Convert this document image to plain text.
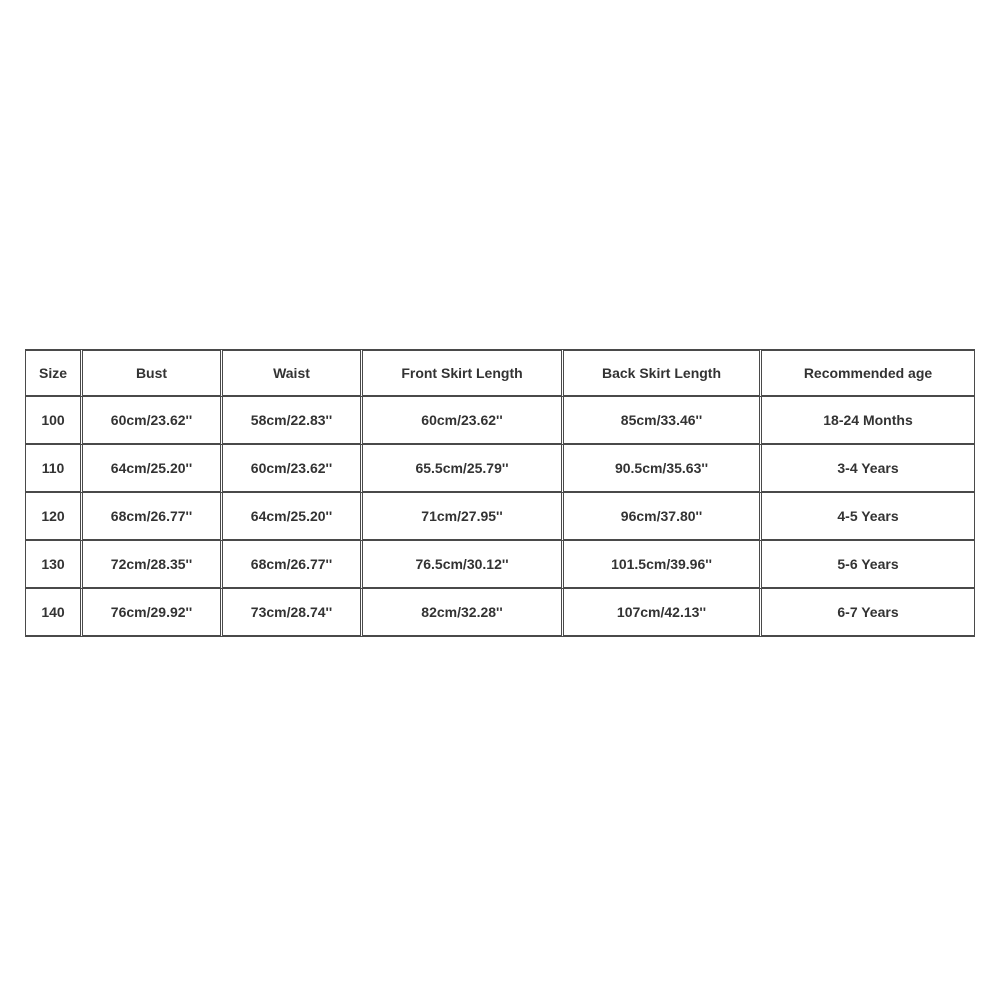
Size	Bust	Waist	Front Skirt Length	Back Skirt Length	Recommended age
100	60cm/23.62''	58cm/22.83''	60cm/23.62''	85cm/33.46''	18-24 Months
110	64cm/25.20''	60cm/23.62''	65.5cm/25.79''	90.5cm/35.63''	3-4 Years
120	68cm/26.77''	64cm/25.20''	71cm/27.95''	96cm/37.80''	4-5 Years
130	72cm/28.35''	68cm/26.77''	76.5cm/30.12''	101.5cm/39.96''	5-6 Years
140	76cm/29.92''	73cm/28.74''	82cm/32.28''	107cm/42.13''	6-7 Years
